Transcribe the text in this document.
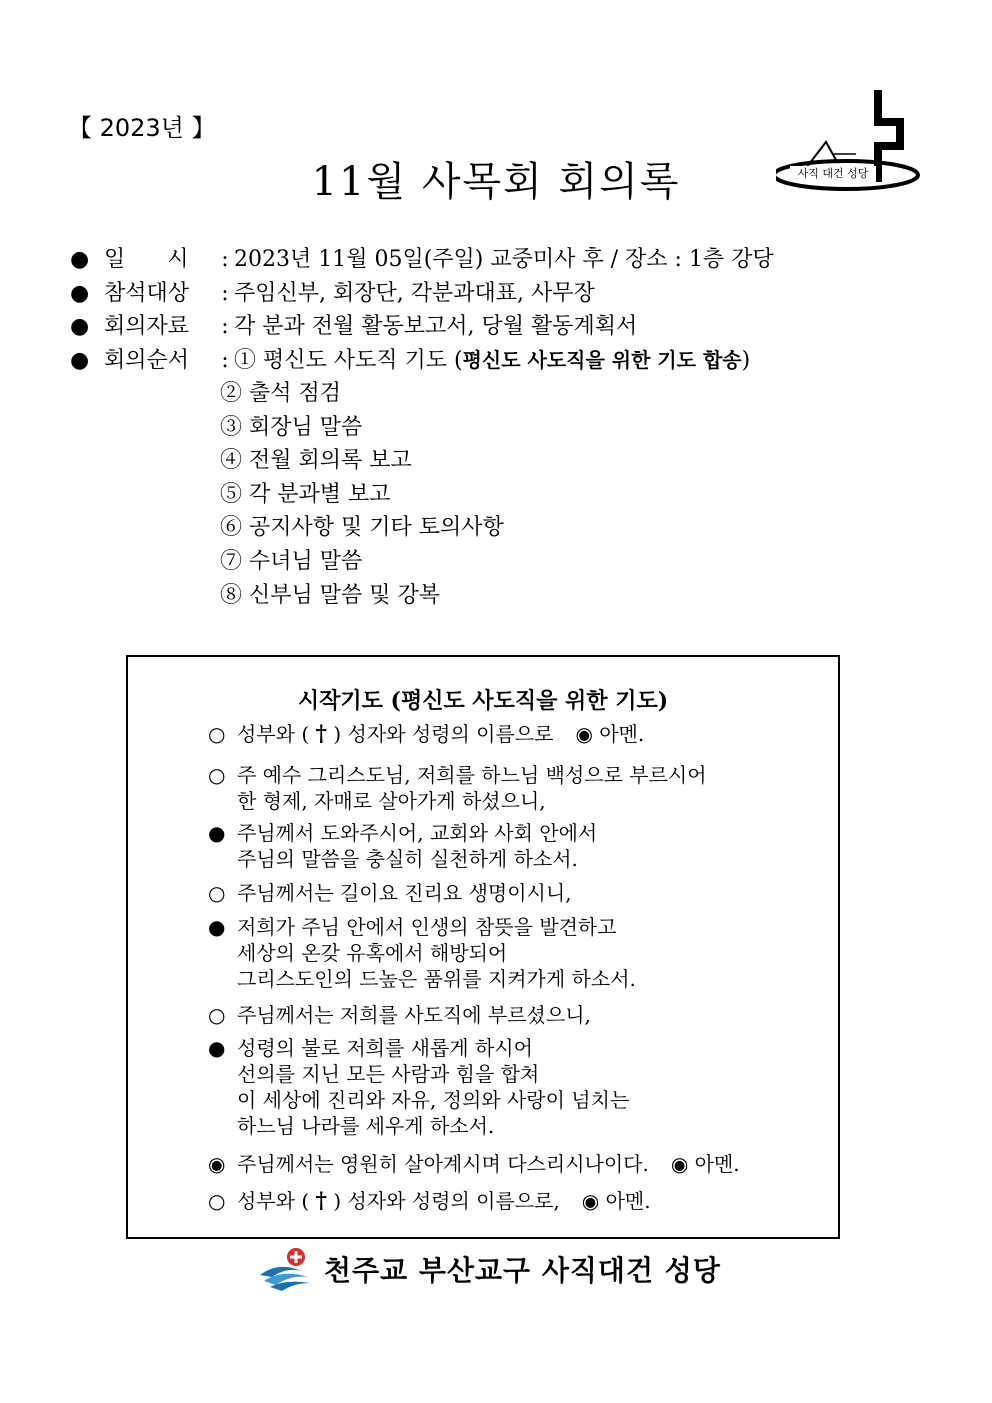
【 2023년 】
11월 사목회 회의록	사직 대건 성당
● 일      시	: 2023년 11월 05일(주일) 교중미사 후 / 장소 : 1층 강당
● 참석대상	: 주임신부, 회장단, 각분과대표, 사무장
● 회의자료	: 각 분과 전월 활동보고서, 당월 활동계획서
● 회의순서	: ① 평신도 사도직 기도 (평신도 사도직을 위한 기도 합송)
② 출석 점검
③ 회장님 말씀
④ 전월 회의록 보고
⑤ 각 분과별 보고
⑥ 공지사항 및 기타 토의사항
⑦ 수녀님 말씀
⑧ 신부님 말씀 및 강복
시작기도 (평신도 사도직을 위한 기도)
○ 성부와 (
†
) 성자와 성령의 이름으로 ◉
아멘.
○ 주 예수 그리스도님, 저희를 하느님 백성으로 부르시어
한 형제, 자매로 살아가게 하셨으니,
● 주님께서 도와주시어, 교회와 사회 안에서
주님의 말씀을 충실히 실천하게 하소서.
○ 주님께서는 길이요 진리요 생명이시니,
● 저희가 주님 안에서 인생의 참뜻을 발견하고
세상의 온갖 유혹에서 해방되어
그리스도인의 드높은 품위를 지켜가게 하소서.
○ 주님께서는 저희를 사도직에 부르셨으니,
● 성령의 불로 저희를 새롭게 하시어
선의를 지닌 모든 사람과 힘을 합쳐
이 세상에 진리와 자유, 정의와 사랑이 넘치는
하느님 나라를 세우게 하소서.
◉ 주님께서는 영원히 살아계시며 다스리시나이다. ◉
아멘.
○ 성부와 (
†
) 성자와 성령의 이름으로, ◉
아멘.
천주교 부산교구 사직대건 성당
